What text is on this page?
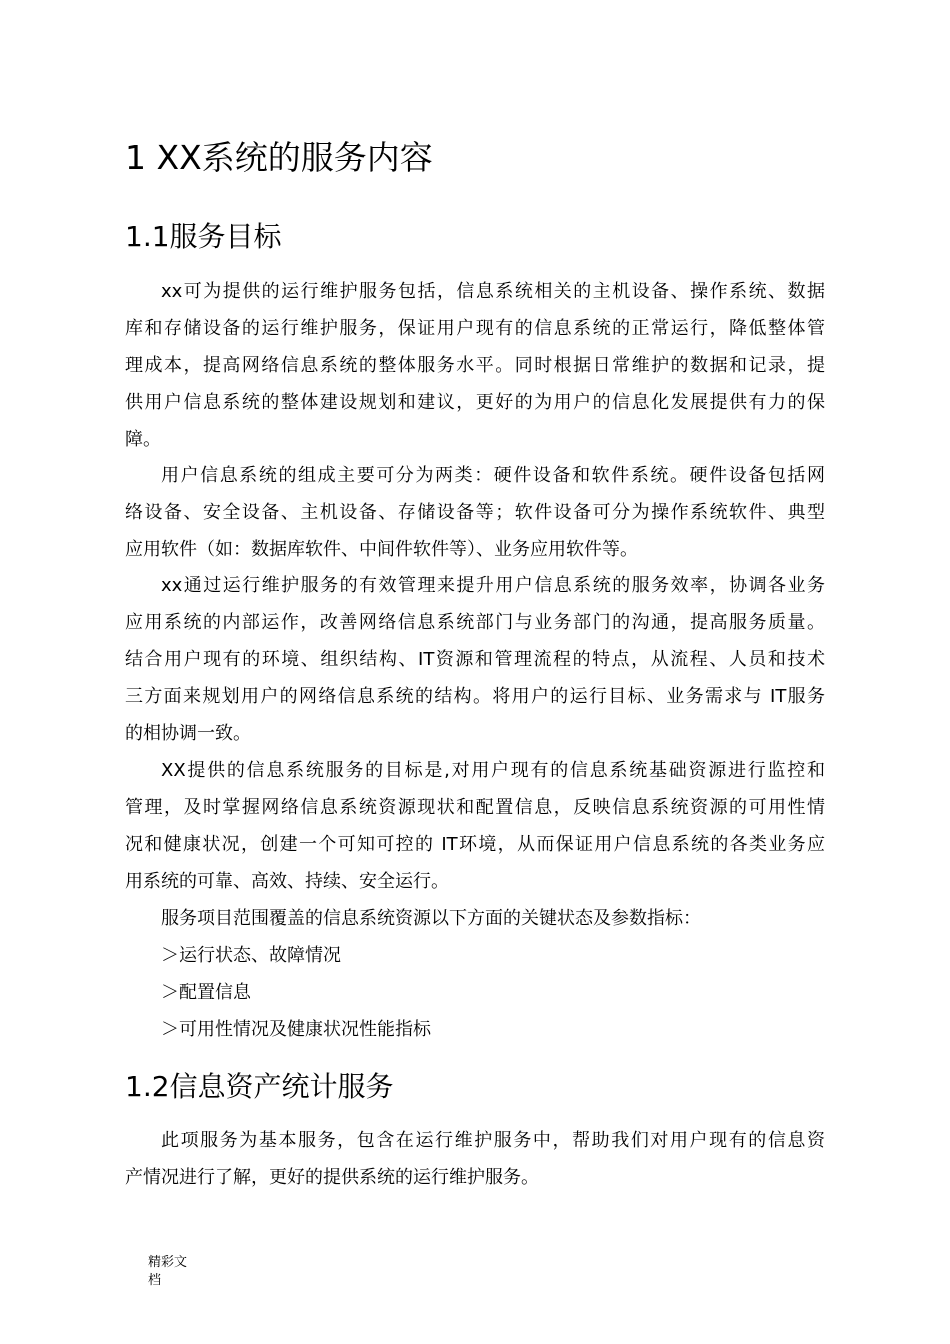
1 XX系统的服务内容
1.1服务目标
xx可为提供的运行维护服务包括，信息系统相关的主机设备、操作系统、数据
库和存储设备的运行维护服务，保证用户现有的信息系统的正常运行，降低整体管
理成本，提高网络信息系统的整体服务水平。同时根据日常维护的数据和记录，提
供用户信息系统的整体建设规划和建议，更好的为用户的信息化发展提供有力的保
障。
用户信息系统的组成主要可分为两类：硬件设备和软件系统。硬件设备包括网
络设备、安全设备、主机设备、存储设备等；软件设备可分为操作系统软件、典型
应用软件（如：数据库软件、中间件软件等）、业务应用软件等。
xx通过运行维护服务的有效管理来提升用户信息系统的服务效率，协调各业务
应用系统的内部运作，改善网络信息系统部门与业务部门的沟通，提高服务质量。
结合用户现有的环境、组织结构、IT资源和管理流程的特点，从流程、人员和技术
三方面来规划用户的网络信息系统的结构。将用户的运行目标、业务需求与 IT服务
的相协调一致。
XX提供的信息系统服务的目标是,对用户现有的信息系统基础资源进行监控和
管理，及时掌握网络信息系统资源现状和配置信息，反映信息系统资源的可用性情
况和健康状况，创建一个可知可控的 IT环境，从而保证用户信息系统的各类业务应
用系统的可靠、高效、持续、安全运行。
服务项目范围覆盖的信息系统资源以下方面的关键状态及参数指标：
＞运行状态、故障情况
＞配置信息
＞可用性情况及健康状况性能指标
1.2信息资产统计服务
此项服务为基本服务，包含在运行维护服务中，帮助我们对用户现有的信息资
产情况进行了解，更好的提供系统的运行维护服务。
精彩文
档
